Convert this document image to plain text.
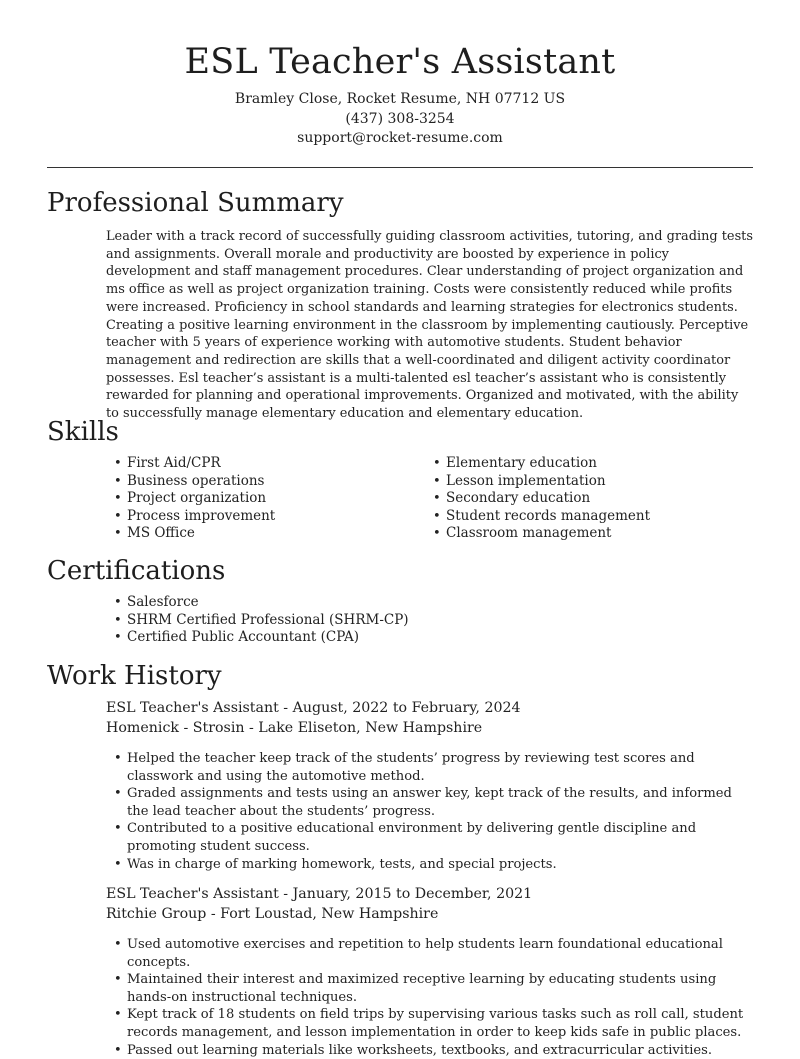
ESL Teacher's Assistant
Bramley Close, Rocket Resume, NH 07712 US
(437) 308-3254
support@rocket-resume.com
Professional Summary

Leader with a track record of successfully guiding classroom activities, tutoring, and grading tests and assignments. Overall morale and productivity are boosted by experience in policy development and staff management procedures. Clear understanding of project organization and ms office as well as project organization training. Costs were consistently reduced while profits were increased. Proficiency in school standards and learning strategies for electronics students. Creating a positive learning environment in the classroom by implementing cautiously. Perceptive teacher with 5 years of experience working with automotive students. Student behavior management and redirection are skills that a well-coordinated and diligent activity coordinator possesses. Esl teacher’s assistant is a multi-talented esl teacher’s assistant who is consistently rewarded for planning and operational improvements. Organized and motivated, with the ability to successfully manage elementary education and elementary education.

Skills
• First Aid/CPR
• Business operations
• Project organization
• Process improvement
• MS Office
• Elementary education
• Lesson implementation
• Secondary education
• Student records management
• Classroom management
Certifications
• Salesforce
• SHRM Certified Professional (SHRM-CP)
• Certified Public Accountant (CPA)
Work History
ESL Teacher's Assistant - August, 2022 to February, 2024
Homenick - Strosin - Lake Eliseton, New Hampshire
• Helped the teacher keep track of the students’ progress by reviewing test scores and classwork and using the automotive method.
• Graded assignments and tests using an answer key, kept track of the results, and informed the lead teacher about the students’ progress.
• Contributed to a positive educational environment by delivering gentle discipline and promoting student success.
• Was in charge of marking homework, tests, and special projects.
ESL Teacher's Assistant - January, 2015 to December, 2021
Ritchie Group - Fort Loustad, New Hampshire
• Used automotive exercises and repetition to help students learn foundational educational concepts.
• Maintained their interest and maximized receptive learning by educating students using hands-on instructional techniques.
• Kept track of 18 students on field trips by supervising various tasks such as roll call, student records management, and lesson implementation in order to keep kids safe in public places.
• Passed out learning materials like worksheets, textbooks, and extracurricular activities.
